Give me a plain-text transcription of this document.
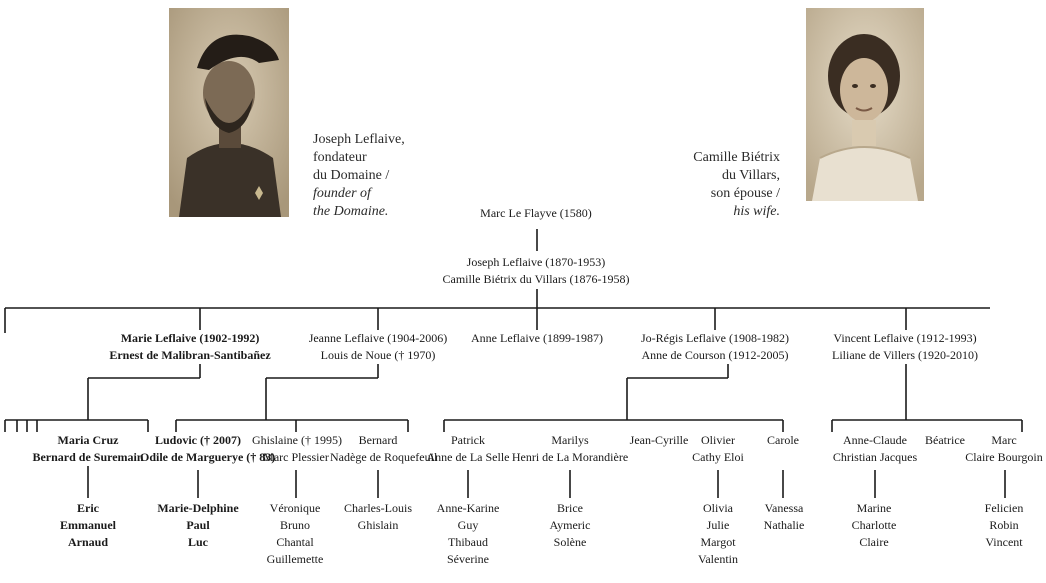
Joseph Leflaive,
fondateur
du Domaine /
founder of
the Domaine.
Camille Biétrix
du Villars,
son épouse /
his wife.
Marc Le Flayve (1580)
Joseph Leflaive (1870-1953)
Camille Biétrix du Villars (1876-1958)
Marie Leflaive (1902-1992)
Ernest de Malibran-Santibañez
Jeanne Leflaive (1904-2006)
Louis de Noue († 1970)
Anne Leflaive (1899-1987)	Jo-Régis Leflaive (1908-1982)
Anne de Courson (1912-2005)
Vincent Leflaive (1912-1993)
Liliane de Villers (1920-2010)
Maria Cruz
Bernard de Suremain
Ludovic († 2007)
Odile de Margueryе († 83)
Ghislaine († 1995)
Marc Plessier
Bernard
Nadège de Roquefeuil
Patrick
Anne de La Selle
Marilys
Henri de La Morandière
Jean-Cyrille	Olivier
Cathy Eloi
Carole	Anne-Claude
Christian Jacques
Béatrice	Marc
Claire Bourgoin
Eric
Emmanuel
Arnaud
Marie-Delphine
Paul
Luc
Véronique
Bruno
Chantal
Guillemette
Charles-Louis
Ghislain
Anne-Karine
Guy
Thibaud
Séverine
Brice
Aymeric
Solène
Olivia
Julie
Margot
Valentin
Vanessa
Nathalie
Marine
Charlotte
Claire
Felicien
Robin
Vincent
